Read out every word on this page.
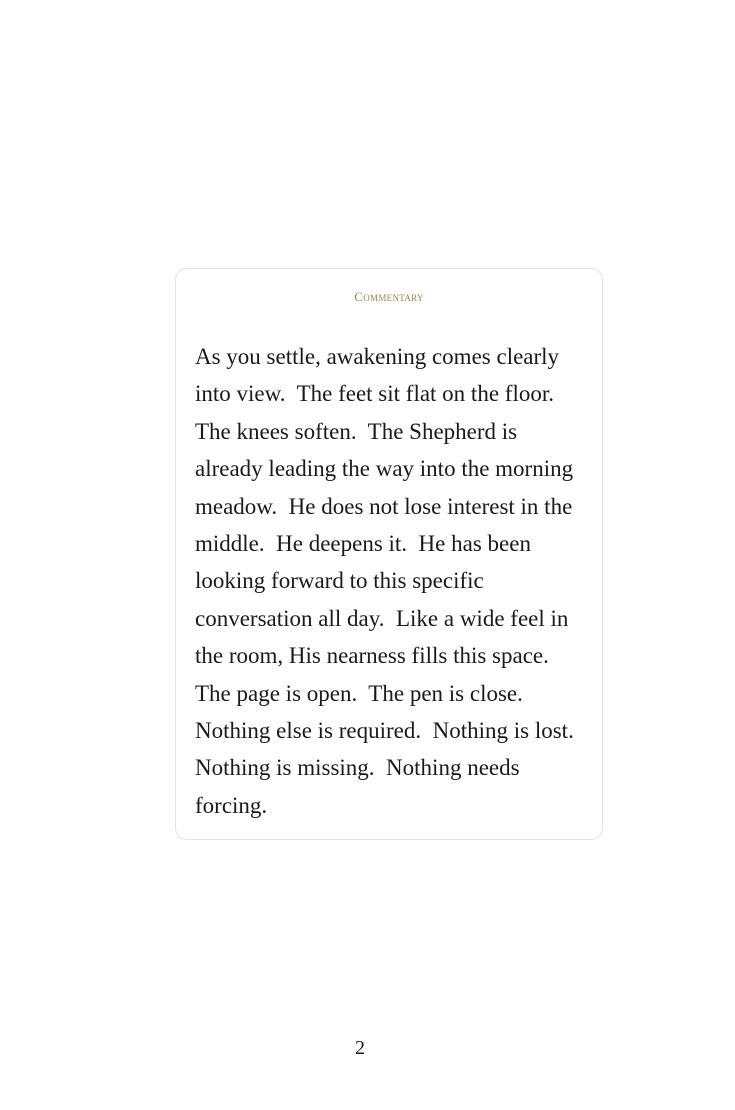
Commentary

As you settle, awakening comes clearly into view.  The feet sit flat on the floor.  The knees soften.  The Shepherd is already leading the way into the morning meadow.  He does not lose interest in the middle.  He deepens it.  He has been looking forward to this specific conversation all day.  Like a wide feel in the room, His nearness fills this space.  The page is open.  The pen is close.  Nothing else is required.  Nothing is lost.  Nothing is missing.  Nothing needs forcing.

2
